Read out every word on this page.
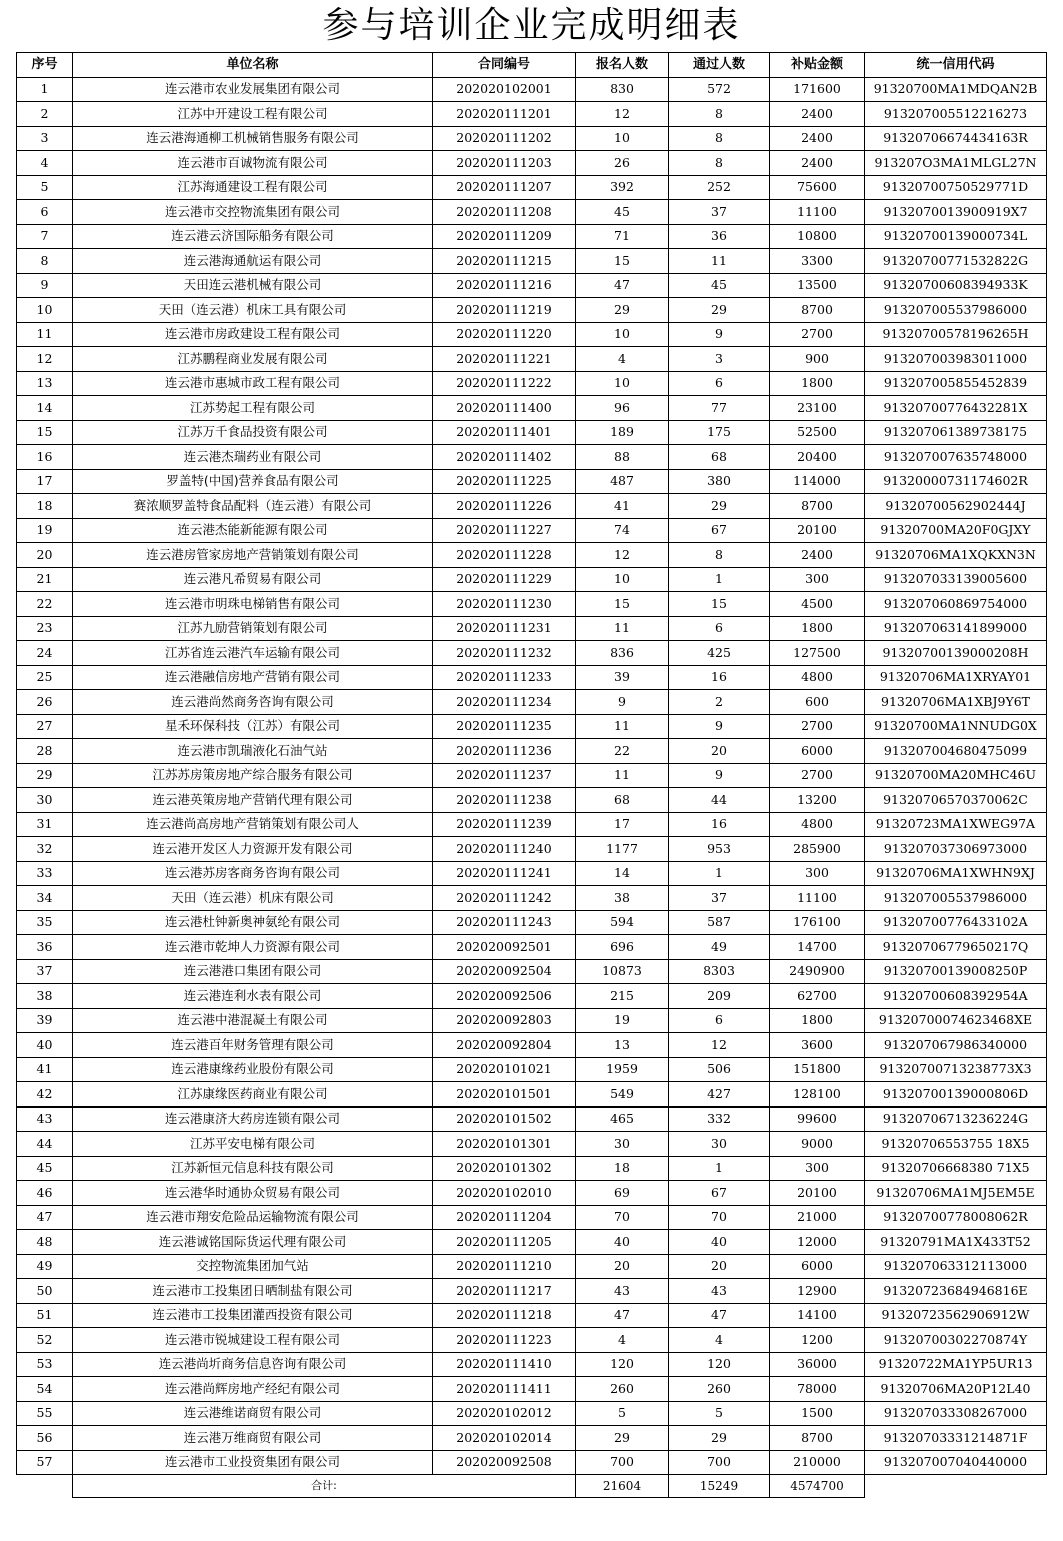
参与培训企业完成明细表
序号	单位名称	合同编号	报名人数	通过人数	补贴金额	统一信用代码
1	连云港市农业发展集团有限公司	202020102001	830	572	171600	91320700MA1MDQAN2B
2	江苏中开建设工程有限公司	202020111201	12	8	2400	913207005512216273
3	连云港海通柳工机械销售服务有限公司	202020111202	10	8	2400	91320706674434163R
4	连云港市百诚物流有限公司	202020111203	26	8	2400	913207O3MA1MLGL27N
5	江苏海通建设工程有限公司	202020111207	392	252	75600	91320700750529771D
6	连云港市交控物流集团有限公司	202020111208	45	37	11100	9132070013900919X7
7	连云港云济国际船务有限公司	202020111209	71	36	10800	91320700139000734L
8	连云港海通航运有限公司	202020111215	15	11	3300	91320700771532822G
9	天田连云港机械有限公司	202020111216	47	45	13500	91320700608394933K
10	天田（连云港）机床工具有限公司	202020111219	29	29	8700	913207005537986000
11	连云港市房政建设工程有限公司	202020111220	10	9	2700	91320700578196265H
12	江苏鹏程商业发展有限公司	202020111221	4	3	900	913207003983011000
13	连云港市惠城市政工程有限公司	202020111222	10	6	1800	913207005855452839
14	江苏势起工程有限公司	202020111400	96	77	23100	91320700776432281X
15	江苏万千食品投资有限公司	202020111401	189	175	52500	913207061389738175
16	连云港杰瑞药业有限公司	202020111402	88	68	20400	913207007635748000
17	罗盖特(中国)营养食品有限公司	202020111225	487	380	114000	91320000731174602R
18	赛浓顺罗盖特食品配料（连云港）有限公司	202020111226	41	29	8700	91320700562902444J
19	连云港杰能新能源有限公司	202020111227	74	67	20100	91320700MA20F0GJXY
20	连云港房管家房地产营销策划有限公司	202020111228	12	8	2400	91320706MA1XQKXN3N
21	连云港凡希贸易有限公司	202020111229	10	1	300	913207033139005600
22	连云港市明珠电梯销售有限公司	202020111230	15	15	4500	913207060869754000
23	江苏九励营销策划有限公司	202020111231	11	6	1800	913207063141899000
24	江苏省连云港汽车运输有限公司	202020111232	836	425	127500	91320700139000208H
25	连云港融信房地产营销有限公司	202020111233	39	16	4800	91320706MA1XRYAY01
26	连云港尚然商务咨询有限公司	202020111234	9	2	600	91320706MA1XBJ9Y6T
27	星禾环保科技（江苏）有限公司	202020111235	11	9	2700	91320700MA1NNUDG0X
28	连云港市凯瑞液化石油气站	202020111236	22	20	6000	913207004680475099
29	江苏苏房策房地产综合服务有限公司	202020111237	11	9	2700	91320700MA20MHC46U
30	连云港英策房地产营销代理有限公司	202020111238	68	44	13200	91320706570370062C
31	连云港尚高房地产营销策划有限公司人	202020111239	17	16	4800	91320723MA1XWEG97A
32	连云港开发区人力资源开发有限公司	202020111240	1177	953	285900	913207037306973000
33	连云港苏房客商务咨询有限公司	202020111241	14	1	300	91320706MA1XWHN9XJ
34	天田（连云港）机床有限公司	202020111242	38	37	11100	913207005537986000
35	连云港杜钟新奥神氨纶有限公司	202020111243	594	587	176100	91320700776433102A
36	连云港市乾坤人力资源有限公司	202020092501	696	49	14700	91320706779650217Q
37	连云港港口集团有限公司	202020092504	10873	8303	2490900	91320700139008250P
38	连云港连利水表有限公司	202020092506	215	209	62700	91320700608392954A
39	连云港中港混凝土有限公司	202020092803	19	6	1800	91320700074623468XE
40	连云港百年财务管理有限公司	202020092804	13	12	3600	913207067986340000
41	连云港康缘药业股份有限公司	202020101021	1959	506	151800	91320700713238773X3
42	江苏康缘医药商业有限公司	202020101501	549	427	128100	91320700139000806D
43	连云港康济大药房连锁有限公司	202020101502	465	332	99600	91320706713236224G
44	江苏平安电梯有限公司	202020101301	30	30	9000	91320706553755 18X5
45	江苏新恒元信息科技有限公司	202020101302	18	1	300	91320706668380 71X5
46	连云港华时通协众贸易有限公司	202020102010	69	67	20100	91320706MA1MJ5EM5E
47	连云港市翔安危险品运输物流有限公司	202020111204	70	70	21000	91320700778008062R
48	连云港诚铭国际货运代理有限公司	202020111205	40	40	12000	91320791MA1X433T52
49	交控物流集团加气站	202020111210	20	20	6000	913207063312113000
50	连云港市工投集团日晒制盐有限公司	202020111217	43	43	12900	91320723684946816E
51	连云港市工投集团灌西投资有限公司	202020111218	47	47	14100	91320723562906912W
52	连云港市锐城建设工程有限公司	202020111223	4	4	1200	91320700302270874Y
53	连云港尚圻商务信息咨询有限公司	202020111410	120	120	36000	91320722MA1YP5UR13
54	连云港尚辉房地产经纪有限公司	202020111411	260	260	78000	91320706MA20P12L40
55	连云港维诺商贸有限公司	202020102012	5	5	1500	913207033308267000
56	连云港万维商贸有限公司	202020102014	29	29	8700	91320703331214871F
57	连云港市工业投资集团有限公司	202020092508	700	700	210000	913207007040440000
	合计:		21604	15249	4574700	
